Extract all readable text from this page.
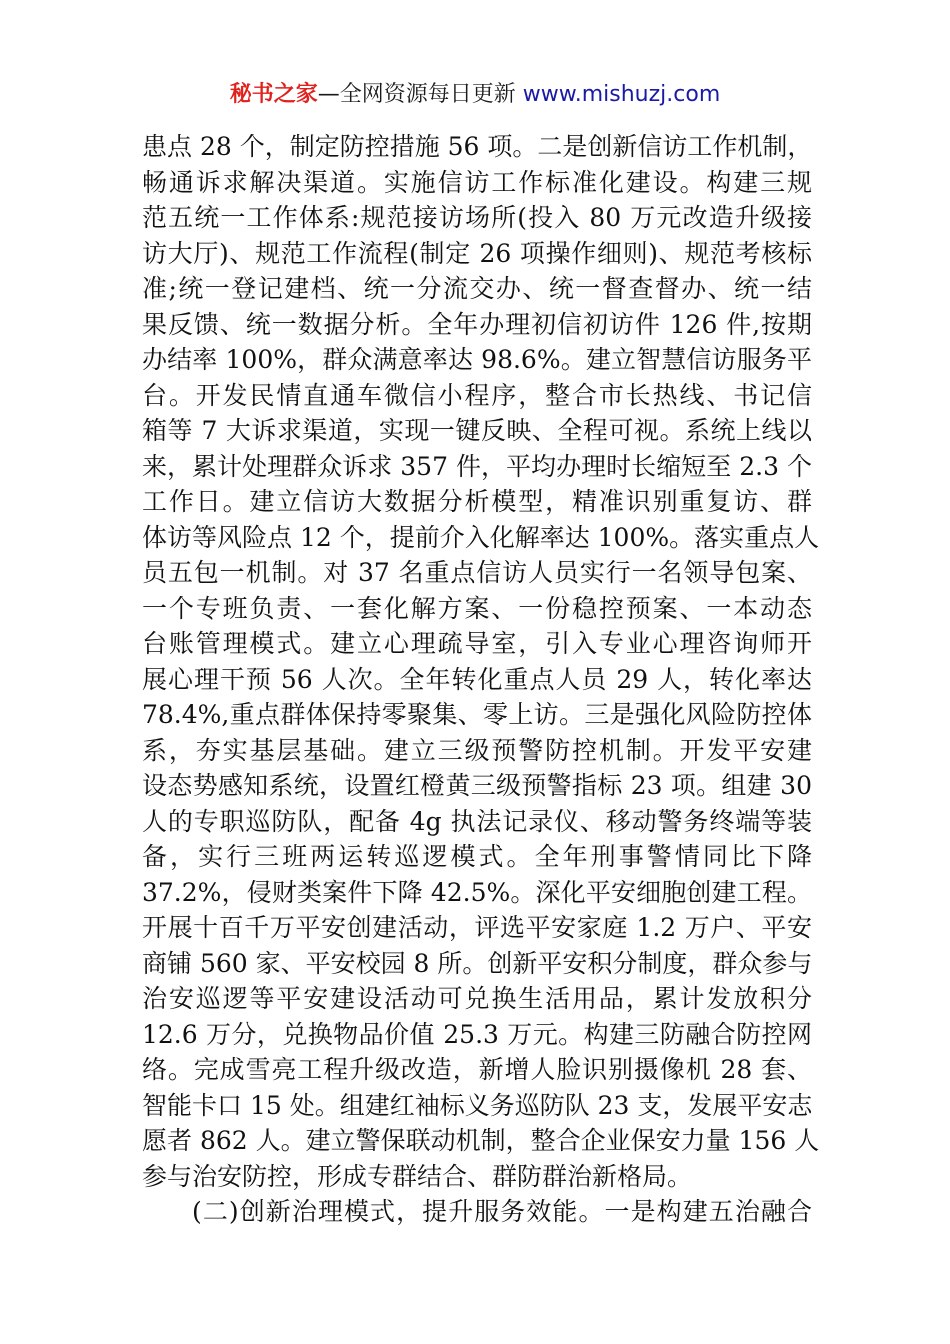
秘书之家—全网资源每日更新 www.mishuzj.com
患点 28 个，制定防控措施 56 项。二是创新信访工作机制，
畅通诉求解决渠道。实施信访工作标准化建设。构建三规
范五统一工作体系:规范接访场所(投入 80 万元改造升级接
访大厅)、规范工作流程(制定 26 项操作细则)、规范考核标
准;统一登记建档、统一分流交办、统一督查督办、统一结
果反馈、统一数据分析。全年办理初信初访件 126 件,按期
办结率 100%，群众满意率达 98.6%。建立智慧信访服务平
台。开发民情直通车微信小程序，整合市长热线、书记信
箱等 7 大诉求渠道，实现一键反映、全程可视。系统上线以
来，累计处理群众诉求 357 件，平均办理时长缩短至 2.3 个
工作日。建立信访大数据分析模型，精准识别重复访、群
体访等风险点 12 个，提前介入化解率达 100%。落实重点人
员五包一机制。对 37 名重点信访人员实行一名领导包案、
一个专班负责、一套化解方案、一份稳控预案、一本动态
台账管理模式。建立心理疏导室，引入专业心理咨询师开
展心理干预 56 人次。全年转化重点人员 29 人，转化率达
78.4%,重点群体保持零聚集、零上访。三是强化风险防控体
系，夯实基层基础。建立三级预警防控机制。开发平安建
设态势感知系统，设置红橙黄三级预警指标 23 项。组建 30
人的专职巡防队，配备 4g 执法记录仪、移动警务终端等装
备，实行三班两运转巡逻模式。全年刑事警情同比下降
37.2%，侵财类案件下降 42.5%。深化平安细胞创建工程。
开展十百千万平安创建活动，评选平安家庭 1.2 万户、平安
商铺 560 家、平安校园 8 所。创新平安积分制度，群众参与
治安巡逻等平安建设活动可兑换生活用品，累计发放积分
12.6 万分，兑换物品价值 25.3 万元。构建三防融合防控网
络。完成雪亮工程升级改造，新增人脸识别摄像机 28 套、
智能卡口 15 处。组建红袖标义务巡防队 23 支，发展平安志
愿者 862 人。建立警保联动机制，整合企业保安力量 156 人
参与治安防控，形成专群结合、群防群治新格局。
(二)创新治理模式，提升服务效能。一是构建五治融合
